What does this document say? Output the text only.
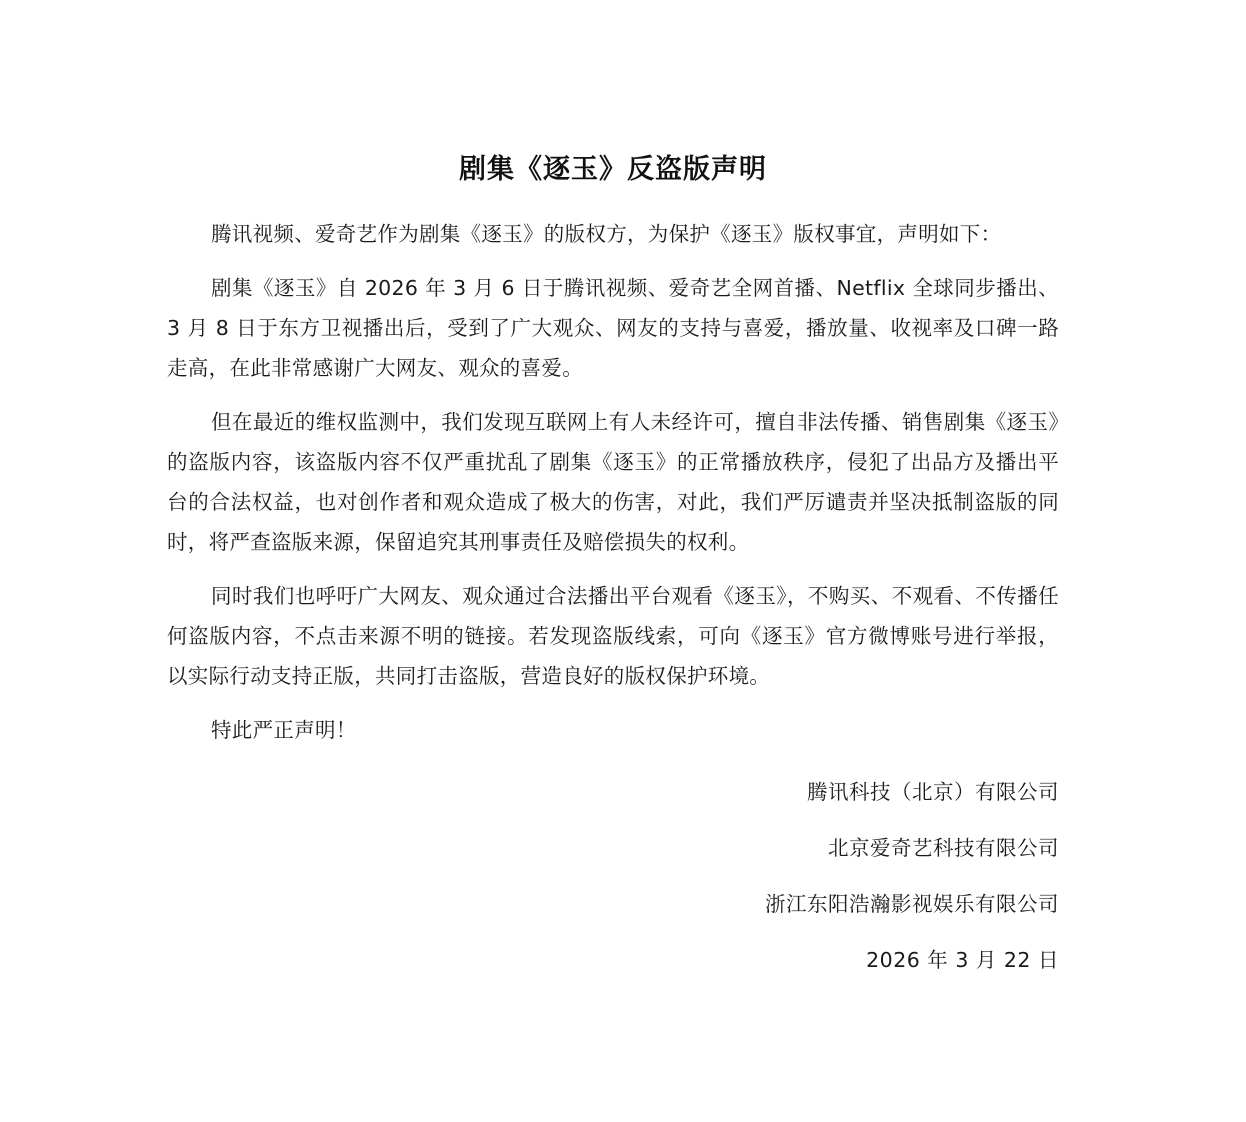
剧集《逐玉》反盗版声明

腾讯视频、爱奇艺作为剧集《逐玉》的版权方，为保护《逐玉》版权事宜，声明如下：

剧集《逐玉》自 2026 年 3 月 6 日于腾讯视频、爱奇艺全网首播、Netflix 全球同步播出、3 月 8 日于东方卫视播出后，受到了广大观众、网友的支持与喜爱，播放量、收视率及口碑一路走高，在此非常感谢广大网友、观众的喜爱。

但在最近的维权监测中，我们发现互联网上有人未经许可，擅自非法传播、销售剧集《逐玉》的盗版内容，该盗版内容不仅严重扰乱了剧集《逐玉》的正常播放秩序，侵犯了出品方及播出平台的合法权益，也对创作者和观众造成了极大的伤害，对此，我们严厉谴责并坚决抵制盗版的同时，将严查盗版来源，保留追究其刑事责任及赔偿损失的权利。

同时我们也呼吁广大网友、观众通过合法播出平台观看《逐玉》，不购买、不观看、不传播任何盗版内容，不点击来源不明的链接。若发现盗版线索，可向《逐玉》官方微博账号进行举报，以实际行动支持正版，共同打击盗版，营造良好的版权保护环境。

特此严正声明！

腾讯科技（北京）有限公司

北京爱奇艺科技有限公司

浙江东阳浩瀚影视娱乐有限公司

2026 年 3 月 22 日
